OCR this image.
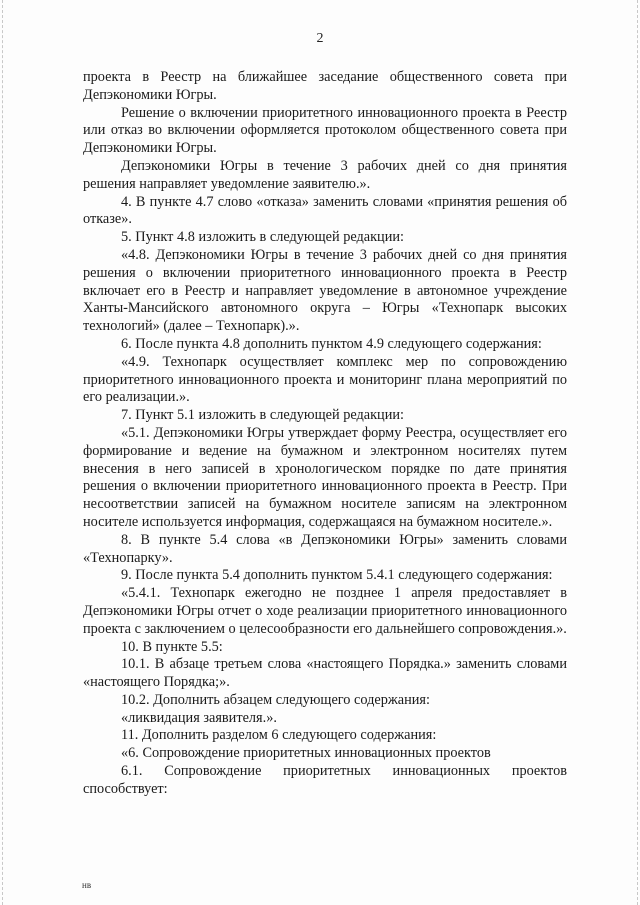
2

проекта в Реестр на ближайшее заседание общественного совета при Депэкономики Югры.

Решение о включении приоритетного инновационного проекта в Реестр или отказ во включении оформляется протоколом общественного совета при Депэкономики Югры.

Депэкономики Югры в течение 3 рабочих дней со дня принятия решения направляет уведомление заявителю.».

4. В пункте 4.7 слово «отказа» заменить словами «принятия решения об отказе».

5. Пункт 4.8 изложить в следующей редакции:

«4.8. Депэкономики Югры в течение 3 рабочих дней со дня принятия решения о включении приоритетного инновационного проекта в Реестр включает его в Реестр и направляет уведомление в автономное учреждение Ханты-Мансийского автономного округа – Югры «Технопарк высоких технологий» (далее – Технопарк).».

6. После пункта 4.8 дополнить пунктом 4.9 следующего содержания:

«4.9. Технопарк осуществляет комплекс мер по сопровождению приоритетного инновационного проекта и мониторинг плана мероприятий по его реализации.».

7. Пункт 5.1 изложить в следующей редакции:

«5.1. Депэкономики Югры утверждает форму Реестра, осуществляет его формирование и ведение на бумажном и электронном носителях путем внесения в него записей в хронологическом порядке по дате принятия решения о включении приоритетного инновационного проекта в Реестр. При несоответствии записей на бумажном носителе записям на электронном носителе используется информация, содержащаяся на бумажном носителе.».

8. В пункте 5.4 слова «в Депэкономики Югры» заменить словами «Технопарку».

9. После пункта 5.4 дополнить пунктом 5.4.1 следующего содержания:

«5.4.1. Технопарк ежегодно не позднее 1 апреля предоставляет в Депэкономики Югры отчет о ходе реализации приоритетного инновационного проекта с заключением о целесообразности его дальнейшего сопровождения.».

10. В пункте 5.5:

10.1. В абзаце третьем слова «настоящего Порядка.» заменить словами «настоящего Порядка;».

10.2. Дополнить абзацем следующего содержания:

«ликвидация заявителя.».

11. Дополнить разделом 6 следующего содержания:

«6. Сопровождение приоритетных инновационных проектов

6.1. Сопровождение приоритетных инновационных проектов способствует:

нв
